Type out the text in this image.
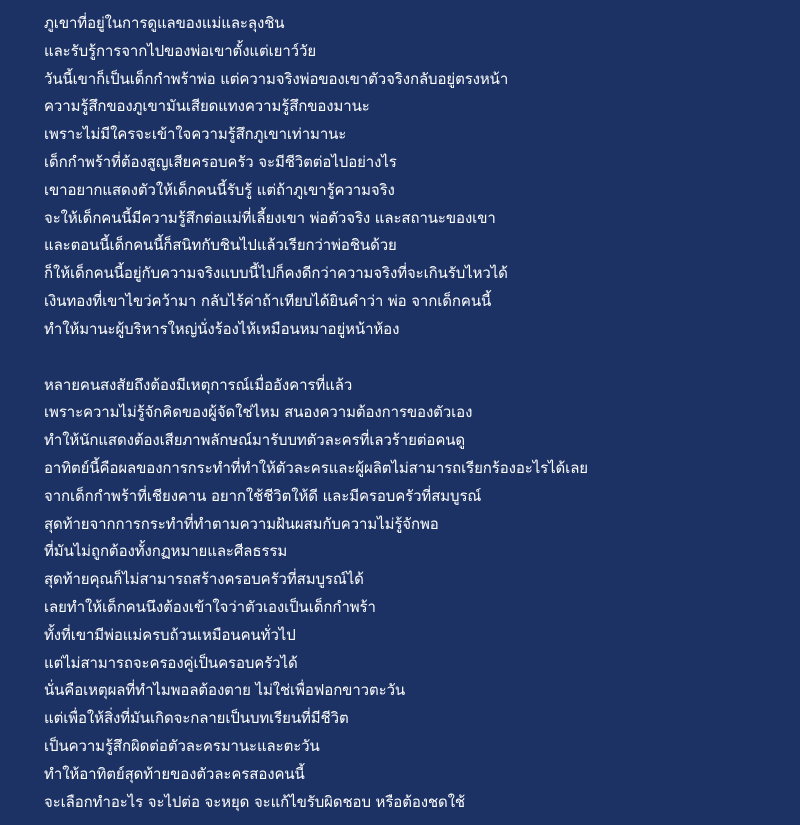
ภูเขาที่อยู่ในการดูแลของแม่และลุงชิน
และรับรู้การจากไปของพ่อเขาตั้งแต่เยาว์วัย
วันนี้เขาก็เป็นเด็กกำพร้าพ่อ แต่ความจริงพ่อของเขาตัวจริงกลับอยู่ตรงหน้า
ความรู้สึกของภูเขามันเสียดแทงความรู้สึกของมานะ
เพราะไม่มีใครจะเข้าใจความรู้สึกภูเขาเท่ามานะ
เด็กกำพร้าที่ต้องสูญเสียครอบครัว จะมีชีวิตต่อไปอย่างไร
เขาอยากแสดงตัวให้เด็กคนนี้รับรู้ แต่ถ้าภูเขารู้ความจริง
จะให้เด็กคนนี้มีความรู้สึกต่อแม่ที่เลี้ยงเขา พ่อตัวจริง และสถานะของเขา
และตอนนี้เด็กคนนี้ก็สนิทกับชินไปแล้วเรียกว่าพ่อชินด้วย
ก็ให้เด็กคนนี้อยู่กับความจริงแบบนี้ไปก็คงดีกว่าความจริงที่จะเกินรับไหวได้
เงินทองที่เขาไขว่คว้ามา กลับไร้ค่าถ้าเทียบได้ยินคำว่า พ่อ จากเด็กคนนี้
ทำให้มานะผู้บริหารใหญ่นั่งร้องไห้เหมือนหมาอยู่หน้าห้อง
หลายคนสงสัยถึงต้องมีเหตุการณ์เมื่ออังคารที่แล้ว
เพราะความไม่รู้จักคิดของผู้จัดใช่ไหม สนองความต้องการของตัวเอง
ทำให้นักแสดงต้องเสียภาพลักษณ์มารับบทตัวละครที่เลวร้ายต่อคนดู
อาทิตย์นี้คือผลของการกระทำที่ทำให้ตัวละครและผู้ผลิตไม่สามารถเรียกร้องอะไรได้เลย
จากเด็กกำพร้าที่เชียงคาน อยากใช้ชีวิตให้ดี และมีครอบครัวที่สมบูรณ์
สุดท้ายจากการกระทำที่ทำตามความฝันผสมกับความไม่รู้จักพอ
ที่มันไม่ถูกต้องทั้งกฏหมายและศีลธรรม
สุดท้ายคุณก็ไม่สามารถสร้างครอบครัวที่สมบูรณ์ได้
เลยทำให้เด็กคนนึงต้องเข้าใจว่าตัวเองเป็นเด็กกำพร้า
ทั้งที่เขามีพ่อแม่ครบถ้วนเหมือนคนทั่วไป
แต่ไม่สามารถจะครองคู่เป็นครอบครัวได้
นั่นคือเหตุผลที่ทำไมพอลต้องตาย ไม่ใช่เพื่อฟอกขาวตะวัน
แต่เพื่อให้สิ่งที่มันเกิดจะกลายเป็นบทเรียนที่มีชีวิต
เป็นความรู้สึกผิดต่อตัวละครมานะและตะวัน
ทำให้อาทิตย์สุดท้ายของตัวละครสองคนนี้
จะเลือกทำอะไร จะไปต่อ จะหยุด จะแก้ไขรับผิดชอบ หรือต้องชดใช้
